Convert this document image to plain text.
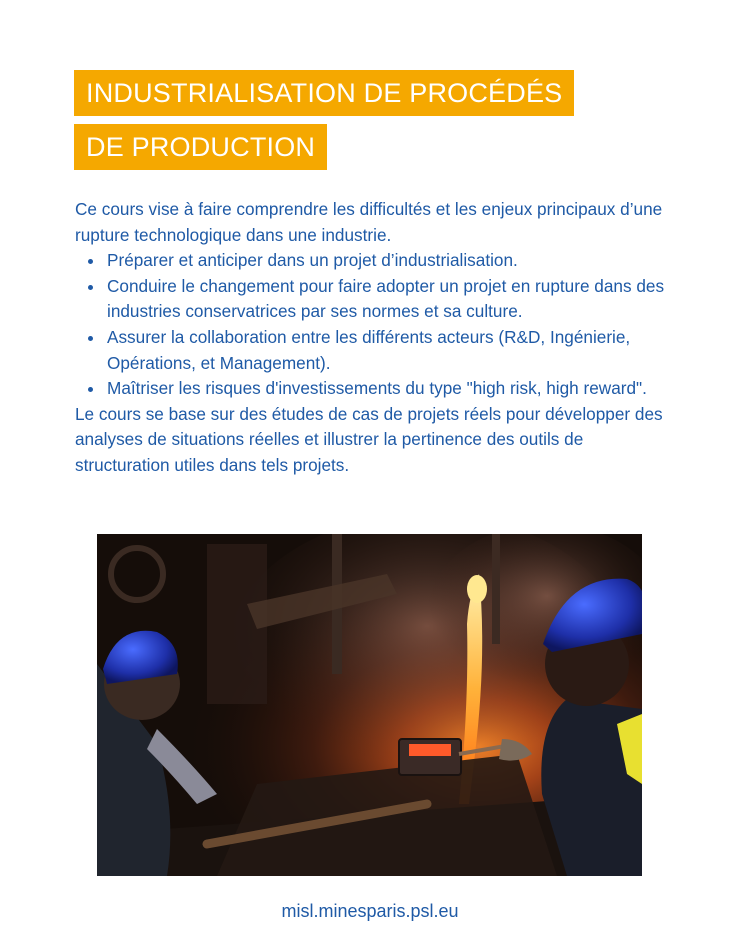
INDUSTRIALISATION DE PROCÉDÉS
DE PRODUCTION

Ce cours vise à faire comprendre les difficultés et les enjeux principaux d’une rupture technologique dans une industrie.

Préparer et anticiper dans un projet d’industrialisation.
Conduire le changement pour faire adopter un projet en rupture dans des industries conservatrices par ses normes et sa culture.
Assurer la collaboration entre les différents acteurs (R&D, Ingénierie, Opérations, et Management).
Maîtriser les risques d'investissements du type "high risk, high reward".

Le cours se base sur des études de cas de projets réels pour développer des analyses de situations réelles et illustrer la pertinence des outils de structuration utiles dans tels projets.

misl.minesparis.psl.eu
